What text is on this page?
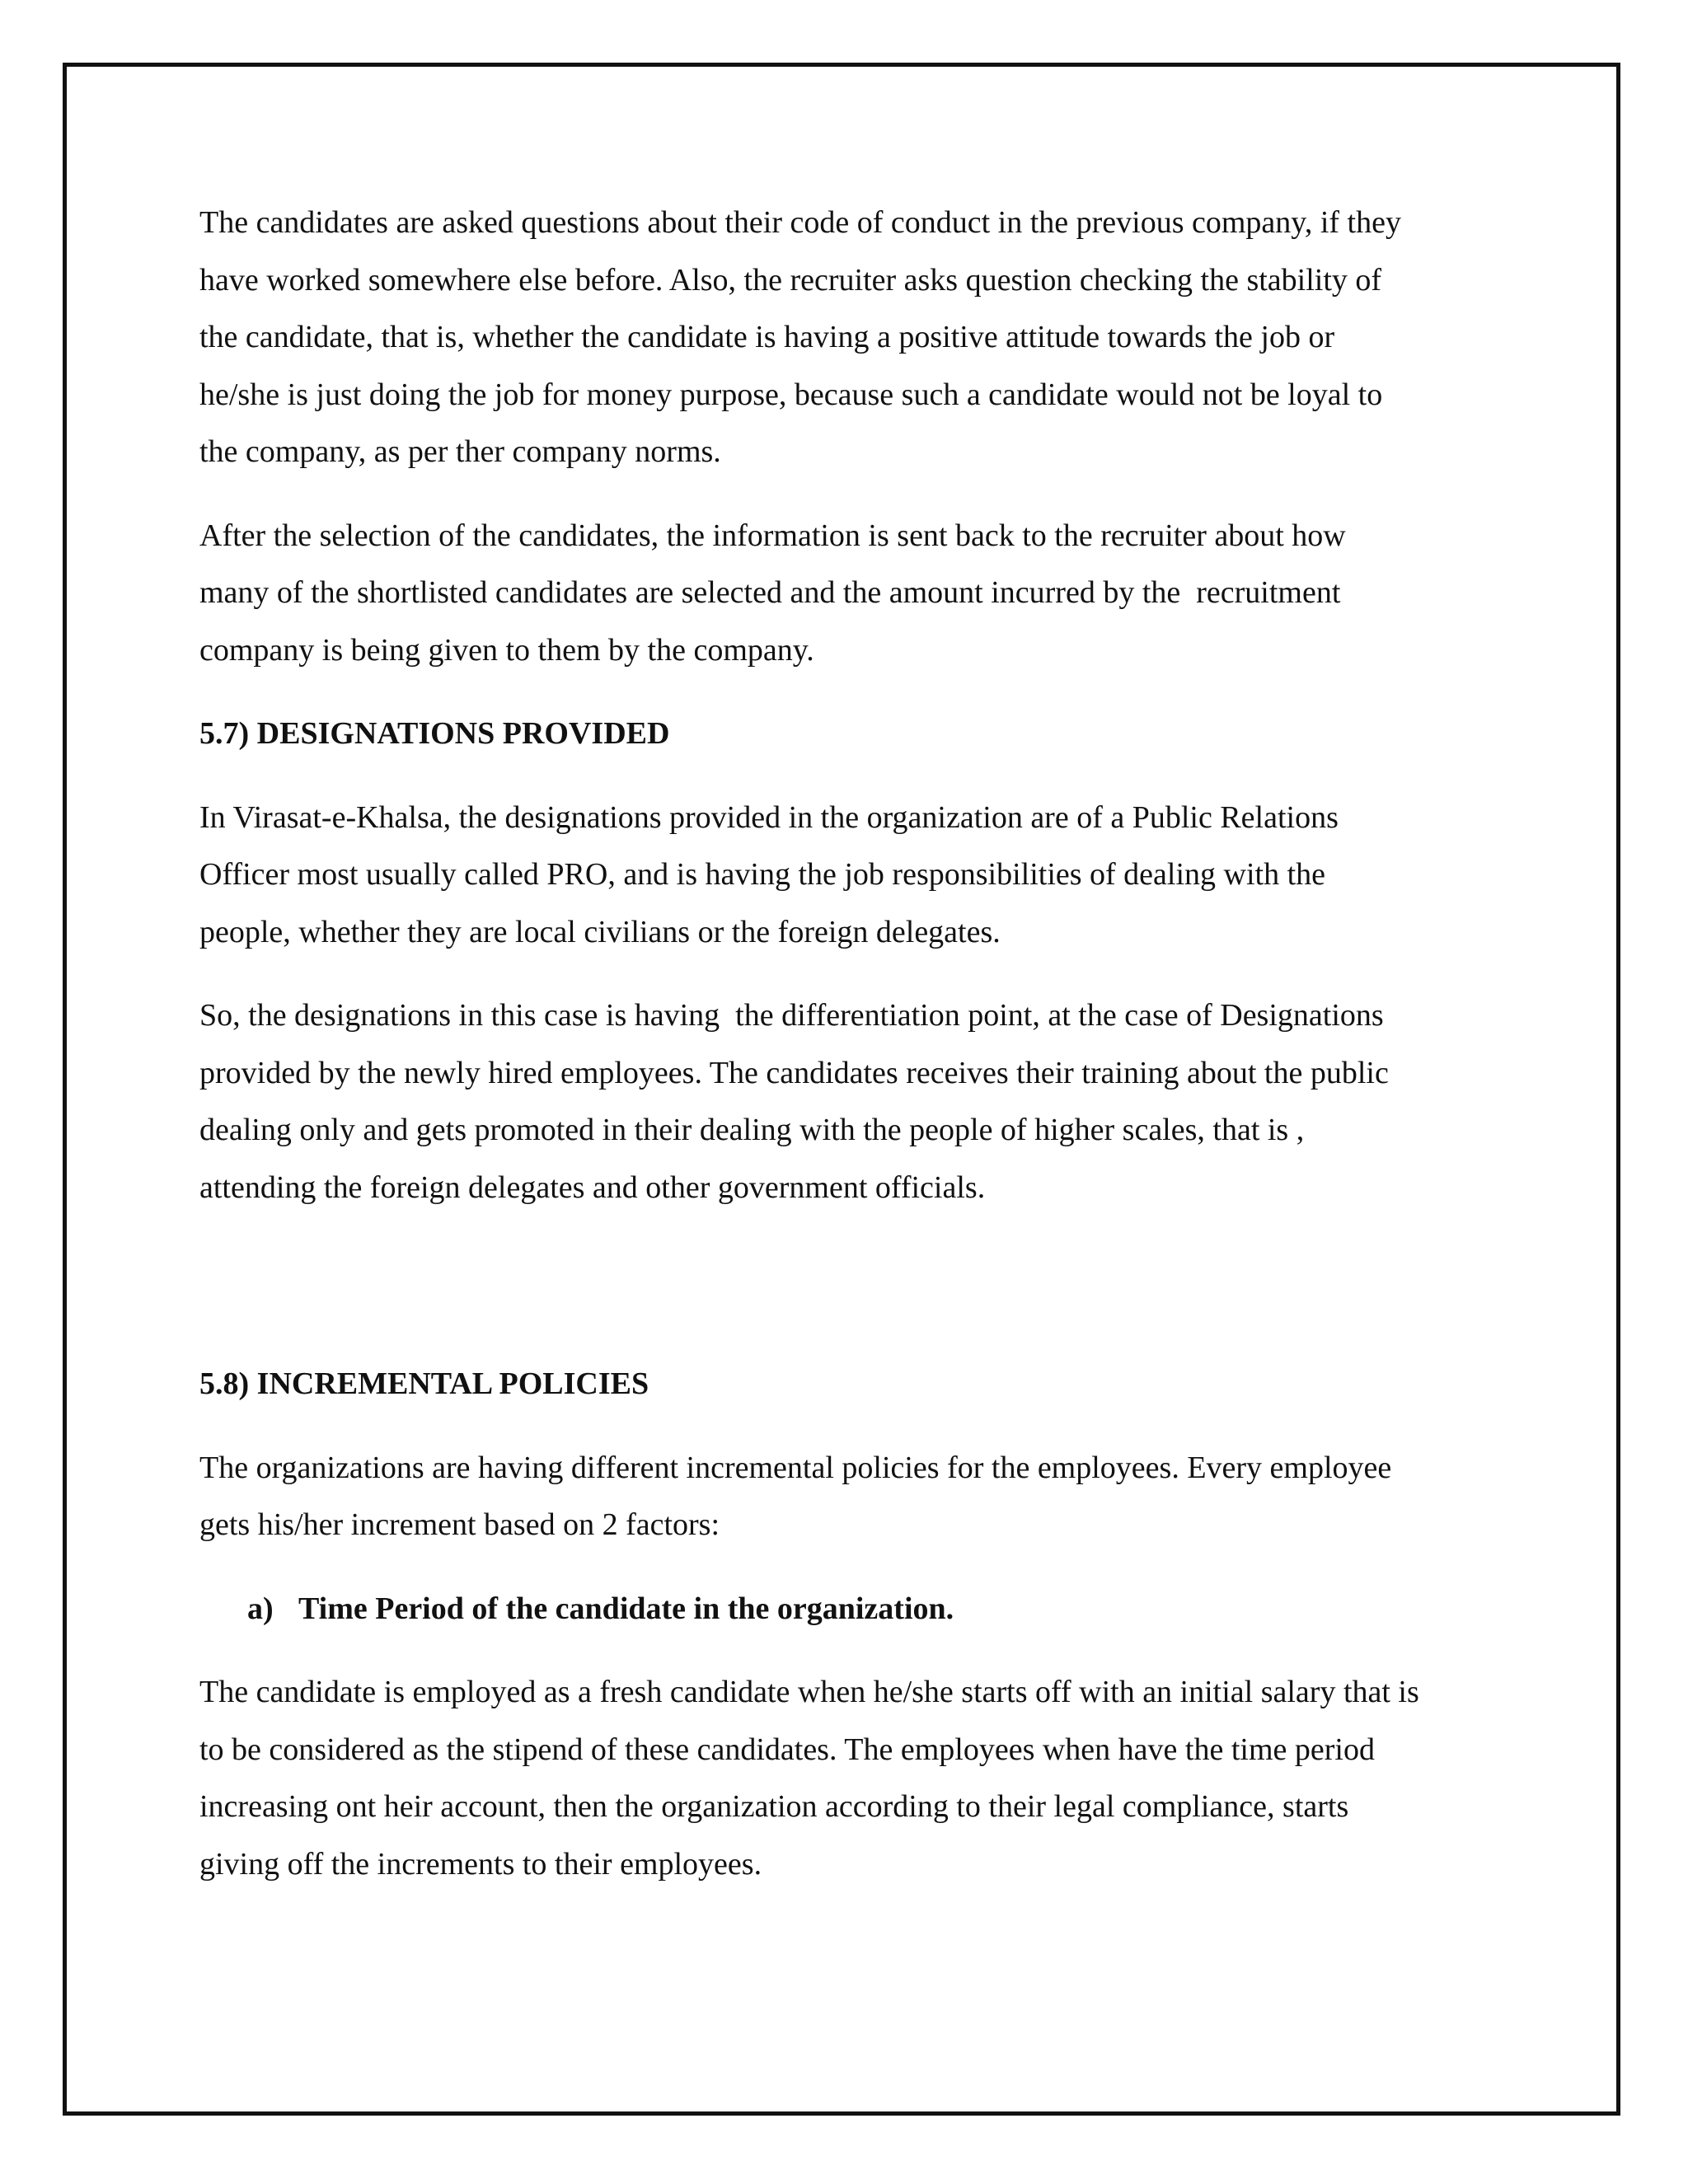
The candidates are asked questions about their code of conduct in the previous company, if they
have worked somewhere else before. Also, the recruiter asks question checking the stability of
the candidate, that is, whether the candidate is having a positive attitude towards the job or
he/she is just doing the job for money purpose, because such a candidate would not be loyal to
the company, as per ther company norms.
After the selection of the candidates, the information is sent back to the recruiter about how
many of the shortlisted candidates are selected and the amount incurred by the  recruitment
company is being given to them by the company.
5.7) DESIGNATIONS PROVIDED
In Virasat-e-Khalsa, the designations provided in the organization are of a Public Relations
Officer most usually called PRO, and is having the job responsibilities of dealing with the
people, whether they are local civilians or the foreign delegates.
So, the designations in this case is having  the differentiation point, at the case of Designations
provided by the newly hired employees. The candidates receives their training about the public
dealing only and gets promoted in their dealing with the people of higher scales, that is ,
attending the foreign delegates and other government officials.
5.8) INCREMENTAL POLICIES
The organizations are having different incremental policies for the employees. Every employee
gets his/her increment based on 2 factors:
a) Time Period of the candidate in the organization.
The candidate is employed as a fresh candidate when he/she starts off with an initial salary that is
to be considered as the stipend of these candidates. The employees when have the time period
increasing ont heir account, then the organization according to their legal compliance, starts
giving off the increments to their employees.
